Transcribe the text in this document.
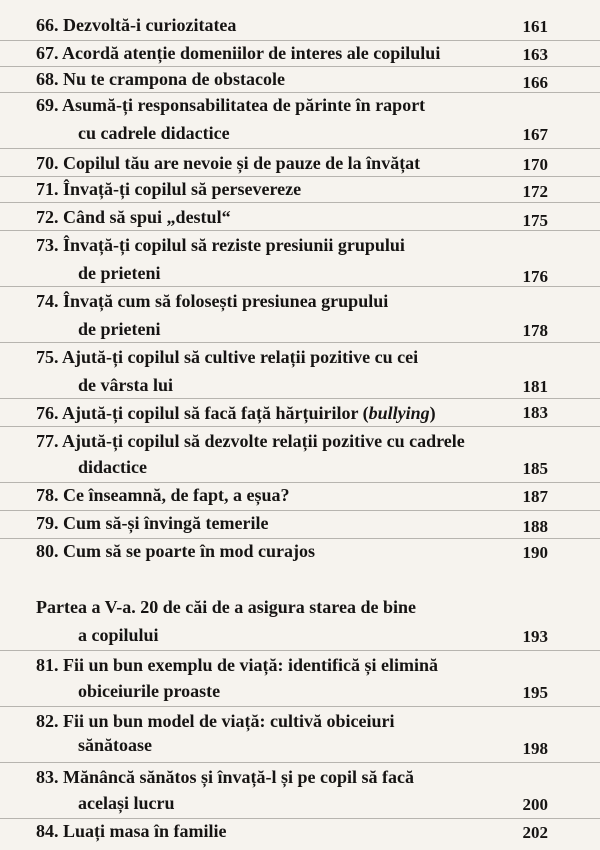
66. Dezvoltă-i curiozitatea	161
67. Acordă atenție domeniilor de interes ale copilului	163
68. Nu te crampona de obstacole	166
69. Asumă-ți responsabilitatea de părinte în raport
cu cadrele didactice	167
70. Copilul tău are nevoie și de pauze de la învățat	170
71. Învață-ți copilul să persevereze	172
72. Când să spui „destul“	175
73. Învață-ți copilul să reziste presiunii grupului
de prieteni	176
74. Învață cum să folosești presiunea grupului
de prieteni	178
75. Ajută-ți copilul să cultive relații pozitive cu cei
de vârsta lui	181
76. Ajută-ți copilul să facă față hărțuirilor (bullying)	183
77. Ajută-ți copilul să dezvolte relații pozitive cu cadrele
didactice	185
78. Ce înseamnă, de fapt, a eșua?	187
79. Cum să-și învingă temerile	188
80. Cum să se poarte în mod curajos	190
Partea a V-a. 20 de căi de a asigura starea de bine
a copilului	193
81. Fii un bun exemplu de viață: identifică și elimină
obiceiurile proaste	195
82. Fii un bun model de viață: cultivă obiceiuri
sănătoase	198
83. Mănâncă sănătos și învață-l și pe copil să facă
același lucru	200
84. Luați masa în familie	202
